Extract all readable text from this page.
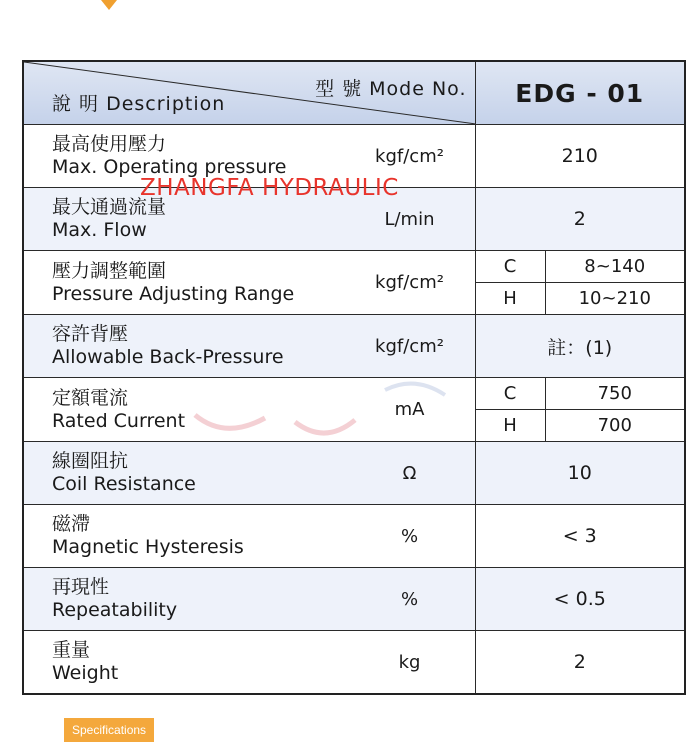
型 號 Mode No.
說 明 Description	EDG - 01	

最高使用壓力
Max. Operating pressure kgf/cm²	210	

最大通過流量
Max. Flow L/min	2	

壓力調整範圍
Pressure Adjusting Range kgf/cm²	C	8~140
	H	10~210

容許背壓
Allowable Back-Pressure kgf/cm²	註：(1)	

定額電流
Rated Current mA	C	750
	H	700

線圈阻抗
Coil Resistance Ω	10	

磁滯
Magnetic Hysteresis %	< 3	

再現性
Repeatability %	< 0.5	

重量
Weight kg	2	
ZHANGFA HYDRAULIC
Specifications
